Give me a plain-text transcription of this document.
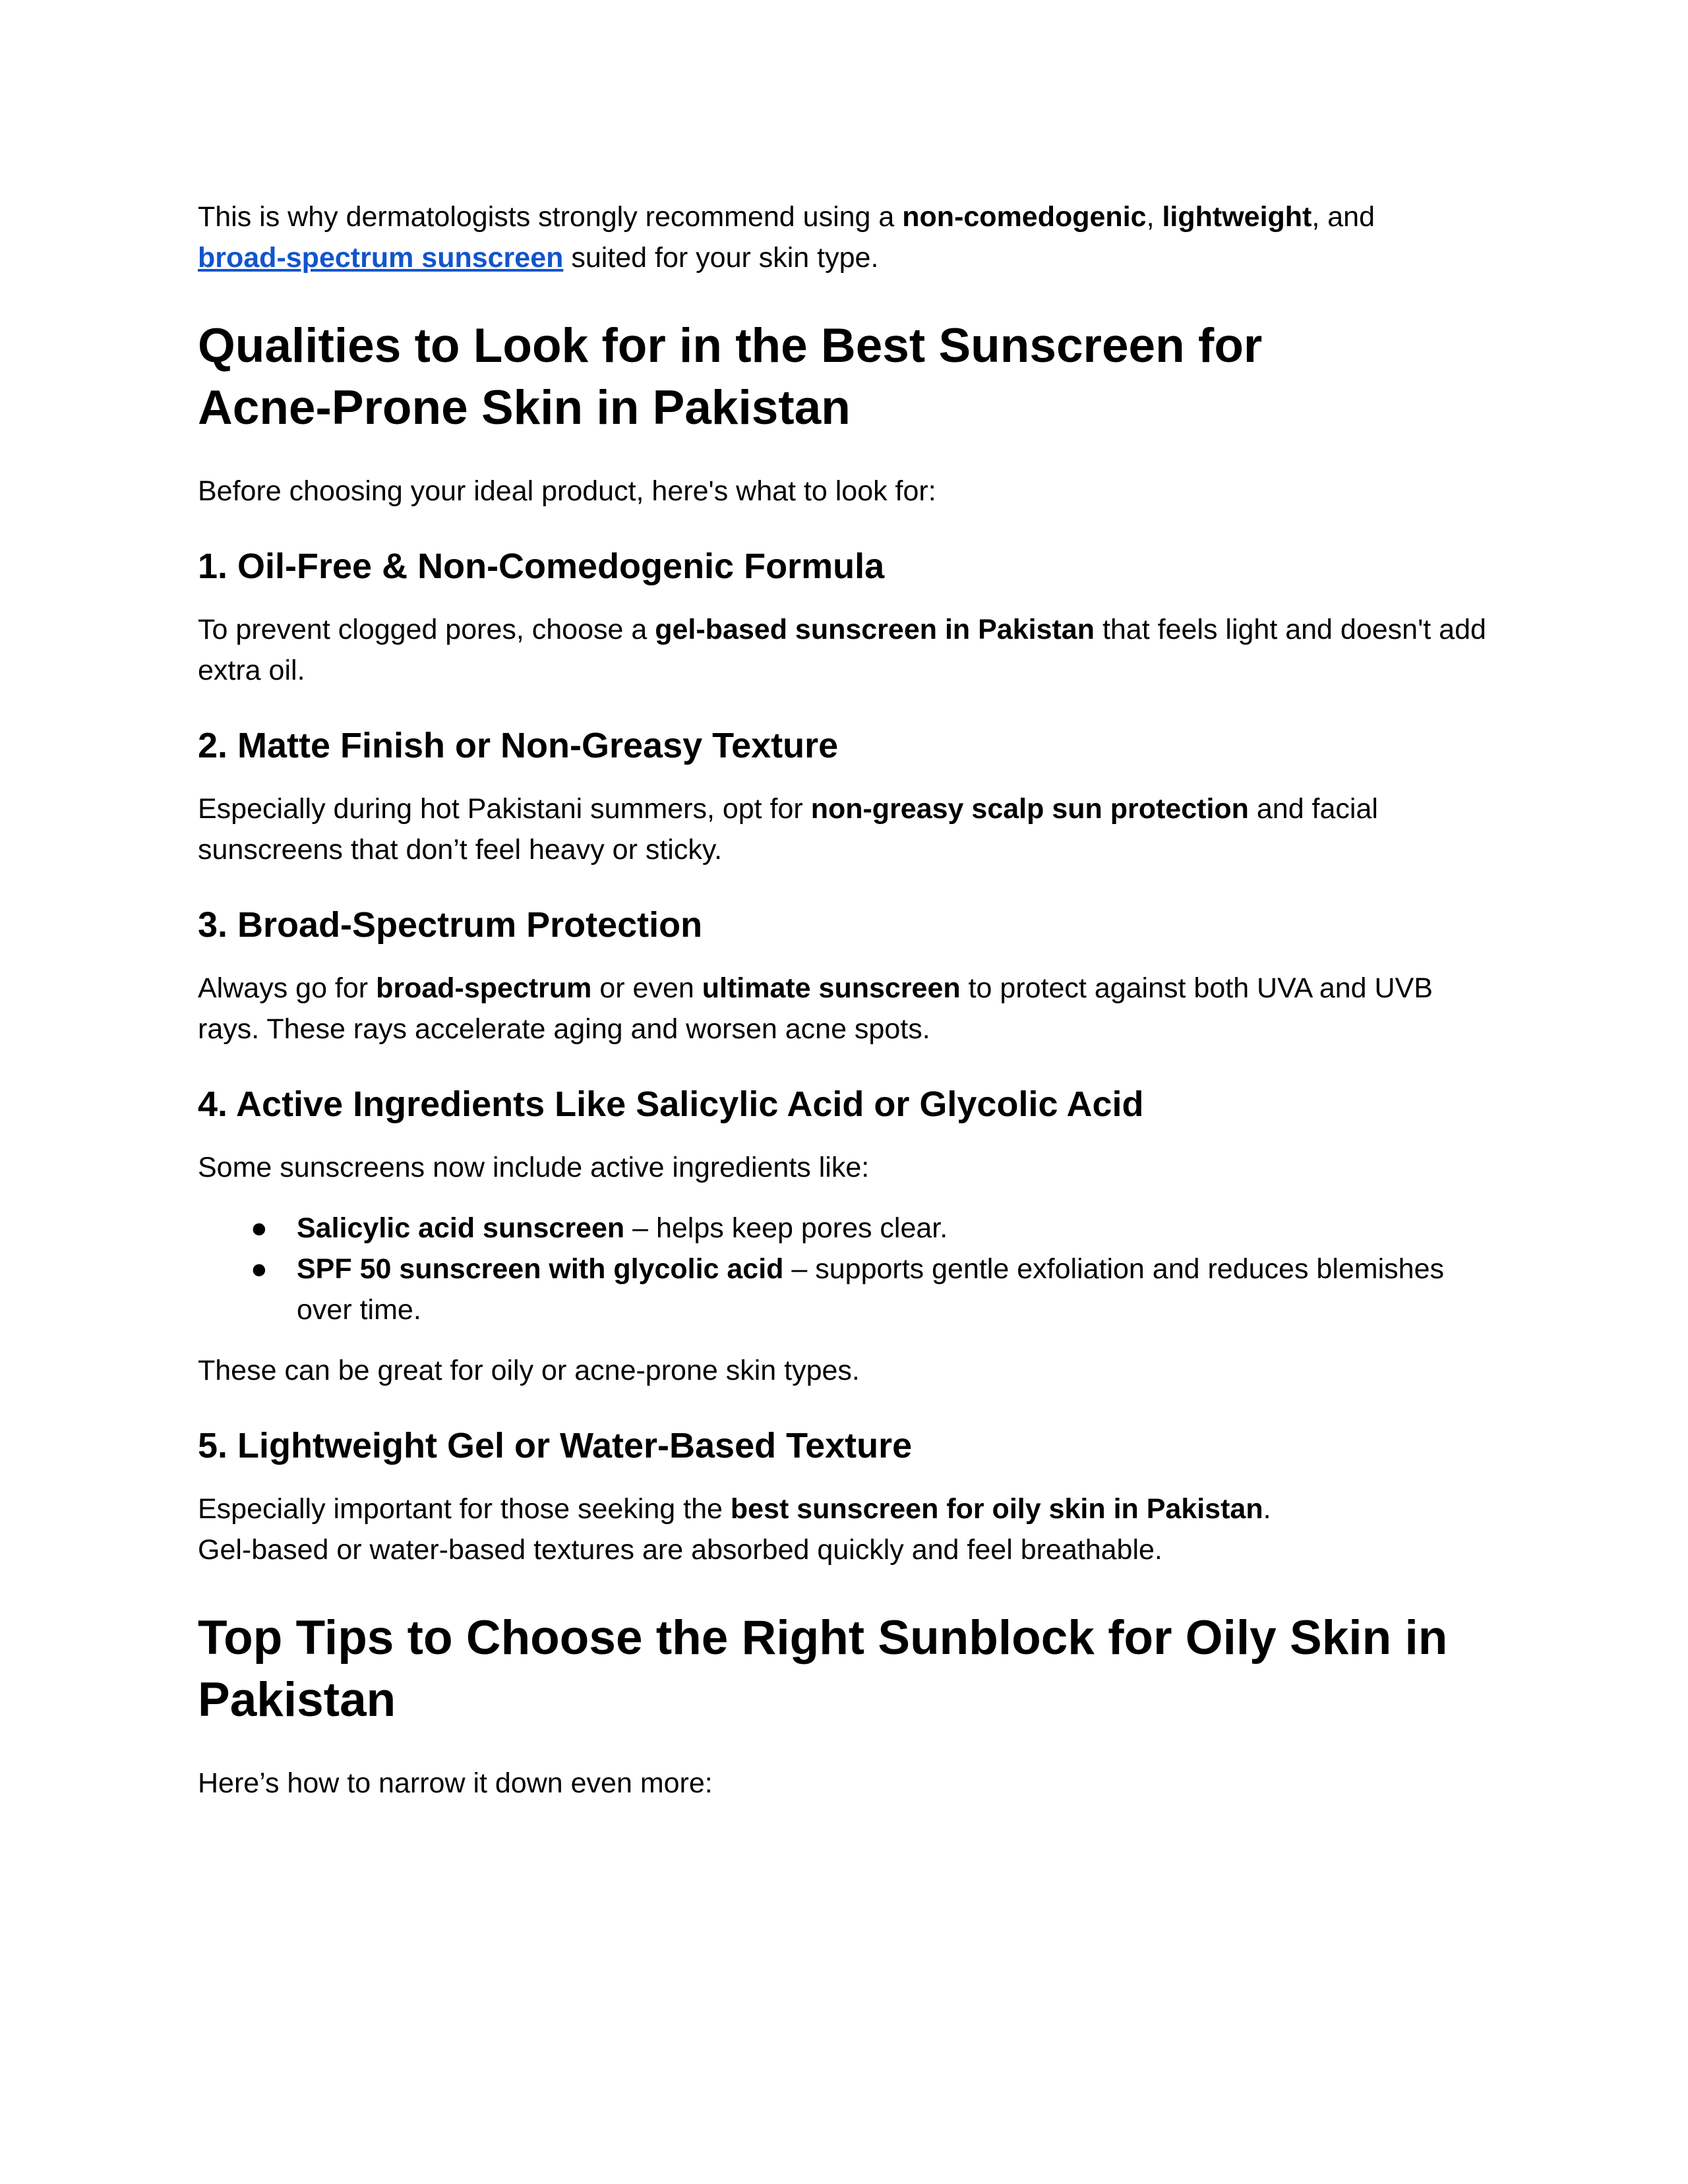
This is why dermatologists strongly recommend using a non-comedogenic, lightweight, and
broad-spectrum sunscreen suited for your skin type.

Qualities to Look for in the Best Sunscreen for
Acne-Prone Skin in Pakistan

Before choosing your ideal product, here's what to look for:

1. Oil-Free & Non-Comedogenic Formula

To prevent clogged pores, choose a gel-based sunscreen in Pakistan that feels light and doesn't add extra oil.

2. Matte Finish or Non-Greasy Texture

Especially during hot Pakistani summers, opt for non-greasy scalp sun protection and facial sunscreens that don’t feel heavy or sticky.

3. Broad-Spectrum Protection

Always go for broad-spectrum or even ultimate sunscreen to protect against both UVA and UVB rays. These rays accelerate aging and worsen acne spots.

4. Active Ingredients Like Salicylic Acid or Glycolic Acid

Some sunscreens now include active ingredients like:

● Salicylic acid sunscreen – helps keep pores clear.
● SPF 50 sunscreen with glycolic acid – supports gentle exfoliation and reduces blemishes over time.

These can be great for oily or acne-prone skin types.

5. Lightweight Gel or Water-Based Texture

Especially important for those seeking the best sunscreen for oily skin in Pakistan.
Gel-based or water-based textures are absorbed quickly and feel breathable.

Top Tips to Choose the Right Sunblock for Oily Skin in Pakistan

Here’s how to narrow it down even more:
